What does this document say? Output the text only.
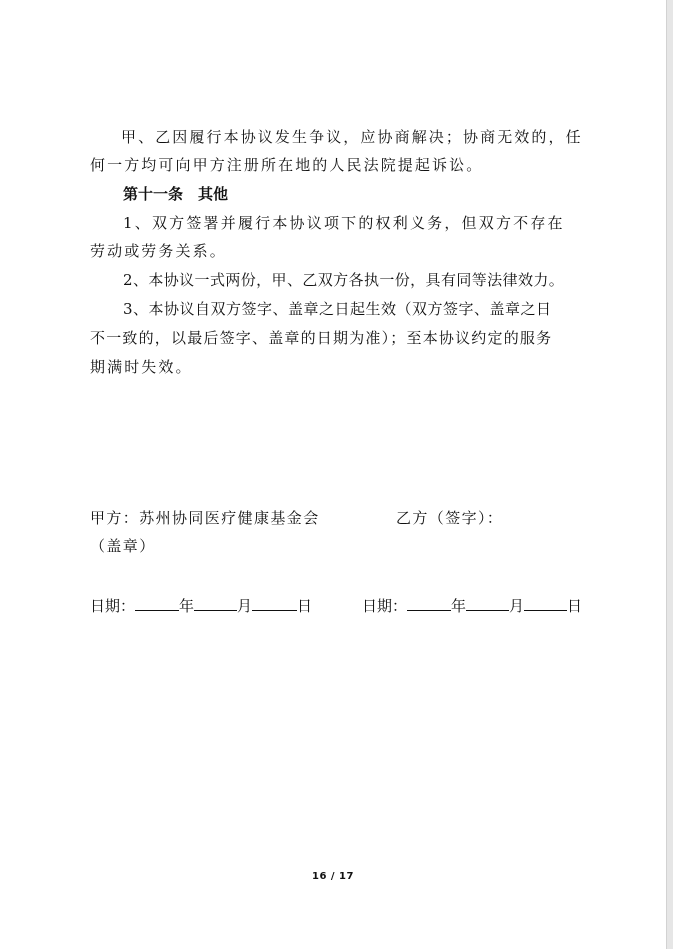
甲、乙因履行本协议发生争议，应协商解决；协商无效的，任
何一方均可向甲方注册所在地的人民法院提起诉讼。
第十一条　其他
1、双方签署并履行本协议项下的权利义务，但双方不存在
劳动或劳务关系。
2、本协议一式两份，甲、乙双方各执一份，具有同等法律效力。
3、本协议自双方签字、盖章之日起生效（双方签字、盖章之日
不一致的，以最后签字、盖章的日期为准）；至本协议约定的服务
期满时失效。
甲方：苏州协同医疗健康基金会	乙方（签字）：
（盖章）
日期：	年	月	日	日期：	年	月	日
16 / 17
